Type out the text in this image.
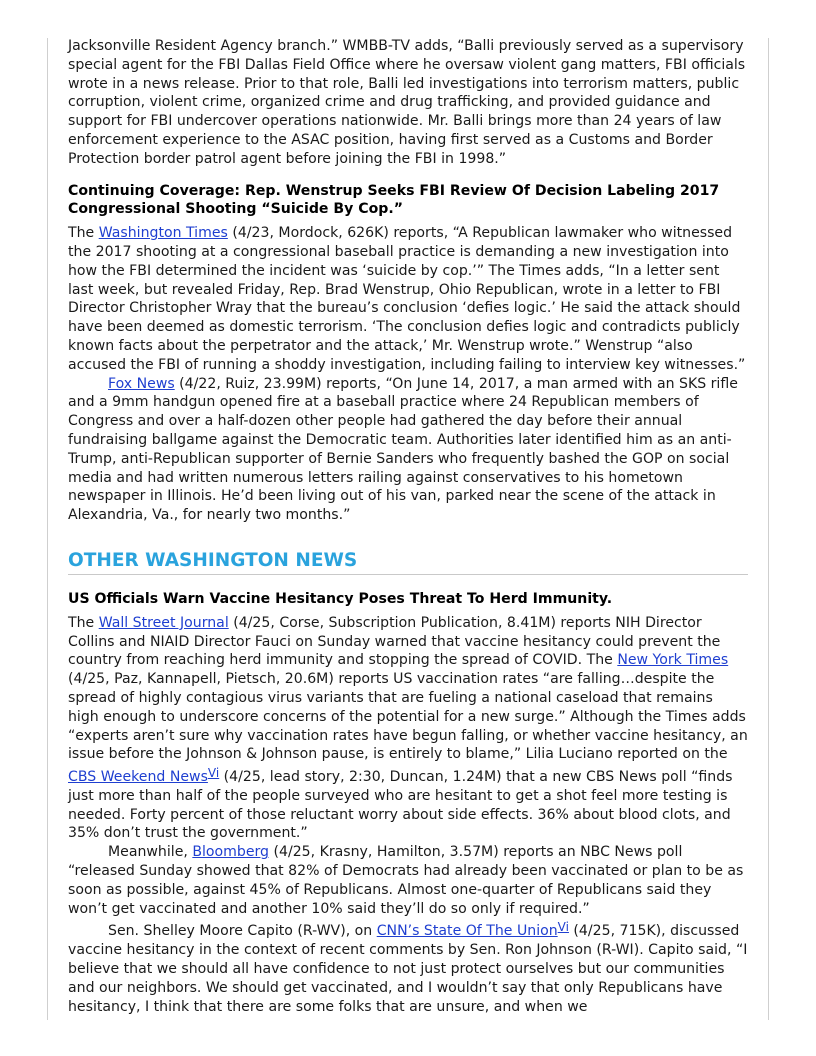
Jacksonville Resident Agency branch.” WMBB-TV adds, “Balli previously served as a supervisory special agent for the FBI Dallas Field Office where he oversaw violent gang matters, FBI officials wrote in a news release. Prior to that role, Balli led investigations into terrorism matters, public corruption, violent crime, organized crime and drug trafficking, and provided guidance and support for FBI undercover operations nationwide. Mr. Balli brings more than 24 years of law enforcement experience to the ASAC position, having first served as a Customs and Border Protection border patrol agent before joining the FBI in 1998.”

Continuing Coverage: Rep. Wenstrup Seeks FBI Review Of Decision Labeling 2017 Congressional Shooting “Suicide By Cop.”

The Washington Times (4/23, Mordock, 626K) reports, “A Republican lawmaker who witnessed the 2017 shooting at a congressional baseball practice is demanding a new investigation into how the FBI determined the incident was ‘suicide by cop.’” The Times adds, “In a letter sent last week, but revealed Friday, Rep. Brad Wenstrup, Ohio Republican, wrote in a letter to FBI Director Christopher Wray that the bureau’s conclusion ‘defies logic.’ He said the attack should have been deemed as domestic terrorism. ‘The conclusion defies logic and contradicts publicly known facts about the perpetrator and the attack,’ Mr. Wenstrup wrote.” Wenstrup “also accused the FBI of running a shoddy investigation, including failing to interview key witnesses.”

Fox News (4/22, Ruiz, 23.99M) reports, “On June 14, 2017, a man armed with an SKS rifle and a 9mm handgun opened fire at a baseball practice where 24 Republican members of Congress and over a half-dozen other people had gathered the day before their annual fundraising ballgame against the Democratic team. Authorities later identified him as an anti-Trump, anti-Republican supporter of Bernie Sanders who frequently bashed the GOP on social media and had written numerous letters railing against conservatives to his hometown newspaper in Illinois. He’d been living out of his van, parked near the scene of the attack in Alexandria, Va., for nearly two months.”

OTHER WASHINGTON NEWS
US Officials Warn Vaccine Hesitancy Poses Threat To Herd Immunity.

The Wall Street Journal (4/25, Corse, Subscription Publication, 8.41M) reports NIH Director Collins and NIAID Director Fauci on Sunday warned that vaccine hesitancy could prevent the country from reaching herd immunity and stopping the spread of COVID. The New York Times (4/25, Paz, Kannapell, Pietsch, 20.6M) reports US vaccination rates “are falling…despite the spread of highly contagious virus variants that are fueling a national caseload that remains high enough to underscore concerns of the potential for a new surge.” Although the Times adds “experts aren’t sure why vaccination rates have begun falling, or whether vaccine hesitancy, an issue before the Johnson & Johnson pause, is entirely to blame,” Lilia Luciano reported on the CBS Weekend NewsVi (4/25, lead story, 2:30, Duncan, 1.24M) that a new CBS News poll “finds just more than half of the people surveyed who are hesitant to get a shot feel more testing is needed. Forty percent of those reluctant worry about side effects. 36% about blood clots, and 35% don’t trust the government.”

Meanwhile, Bloomberg (4/25, Krasny, Hamilton, 3.57M) reports an NBC News poll “released Sunday showed that 82% of Democrats had already been vaccinated or plan to be as soon as possible, against 45% of Republicans. Almost one-quarter of Republicans said they won’t get vaccinated and another 10% said they’ll do so only if required.”

Sen. Shelley Moore Capito (R-WV), on CNN’s State Of The UnionVi (4/25, 715K), discussed vaccine hesitancy in the context of recent comments by Sen. Ron Johnson (R-WI). Capito said, “I believe that we should all have confidence to not just protect ourselves but our communities and our neighbors. We should get vaccinated, and I wouldn’t say that only Republicans have hesitancy, I think that there are some folks that are unsure, and when we
